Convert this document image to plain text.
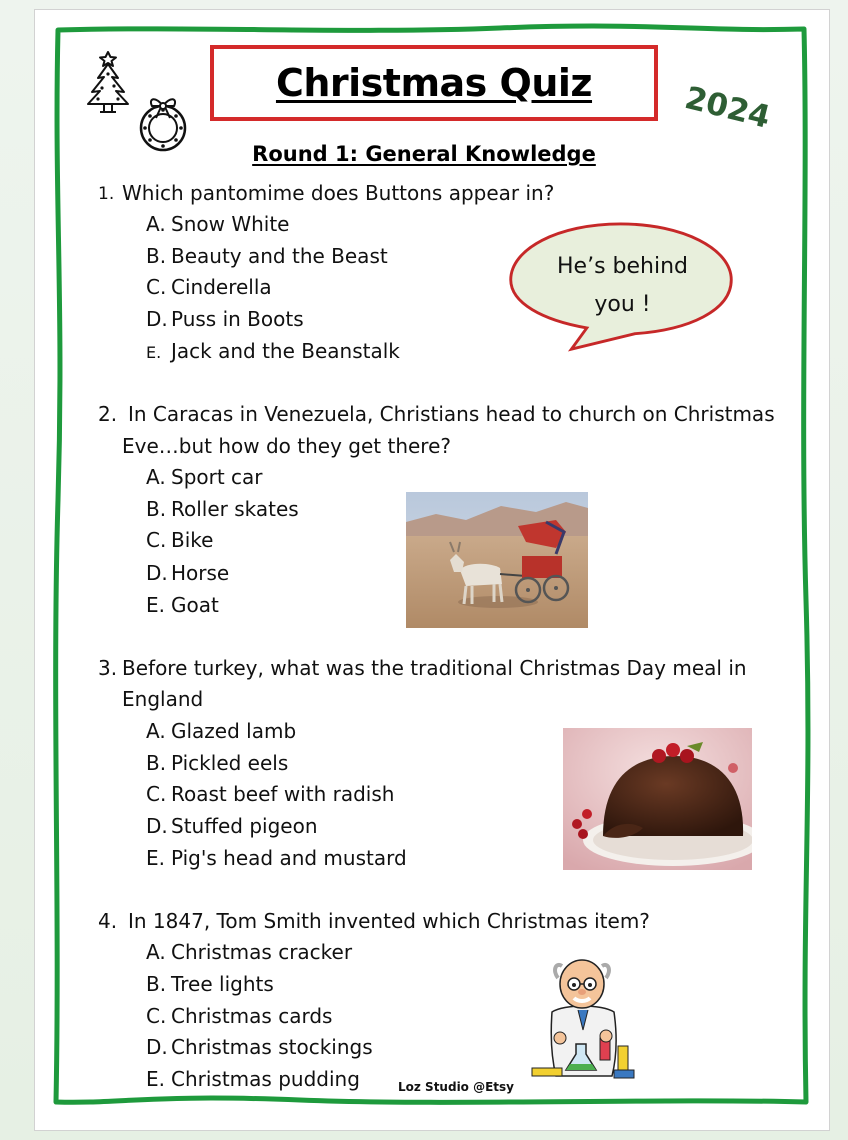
Christmas Quiz	2024
Round 1: General Knowledge
He’s behind
you !
1. Which pantomime does Buttons appear in?
A. Snow White
B. Beauty and the Beast
C. Cinderella
D. Puss in Boots
E. Jack and the Beanstalk
2. In Caracas in Venezuela, Christians head to church on Christmas
Eve…but how do they get there?
A. Sport car
B. Roller skates
C. Bike
D. Horse
E. Goat
3. Before turkey, what was the traditional Christmas Day meal in
England
A. Glazed lamb
B. Pickled eels
C. Roast beef with radish
D. Stuffed pigeon
E. Pig's head and mustard
4. In 1847, Tom Smith invented which Christmas item?
A. Christmas cracker
B. Tree lights
C. Christmas cards
D. Christmas stockings
E. Christmas pudding	Loz Studio @Etsy
